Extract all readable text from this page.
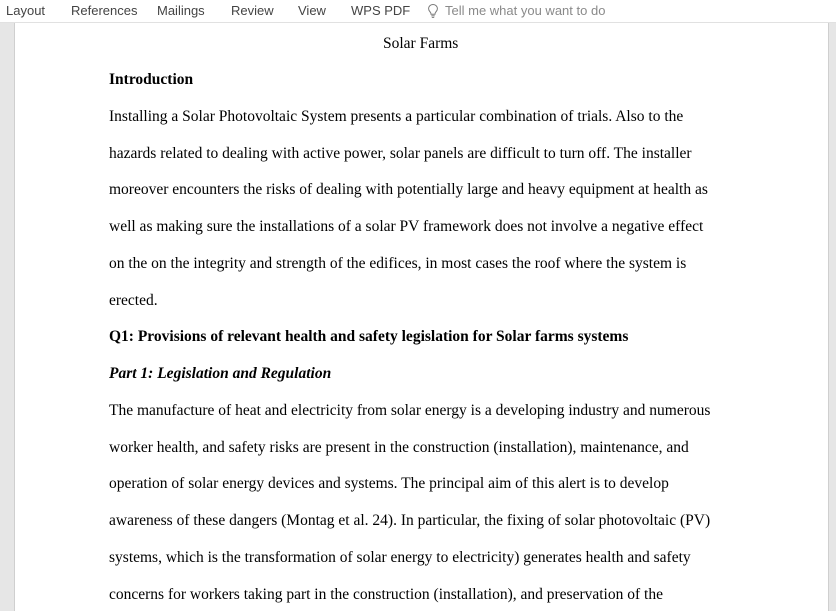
Layout References Mailings Review View WPS PDF	Tell me what you want to do
Solar Farms
Introduction
Installing a Solar Photovoltaic System presents a particular combination of trials. Also to the
hazards related to dealing with active power, solar panels are difficult to turn off. The installer
moreover encounters the risks of dealing with potentially large and heavy equipment at health as
well as making sure the installations of a solar PV framework does not involve a negative effect
on the on the integrity and strength of the edifices, in most cases the roof where the system is
erected.
Q1: Provisions of relevant health and safety legislation for Solar farms systems
Part 1: Legislation and Regulation
The manufacture of heat and electricity from solar energy is a developing industry and numerous
worker health, and safety risks are present in the construction (installation), maintenance, and
operation of solar energy devices and systems. The principal aim of this alert is to develop
awareness of these dangers (Montag et al. 24). In particular, the fixing of solar photovoltaic (PV)
systems, which is the transformation of solar energy to electricity) generates health and safety
concerns for workers taking part in the construction (installation), and preservation of the
